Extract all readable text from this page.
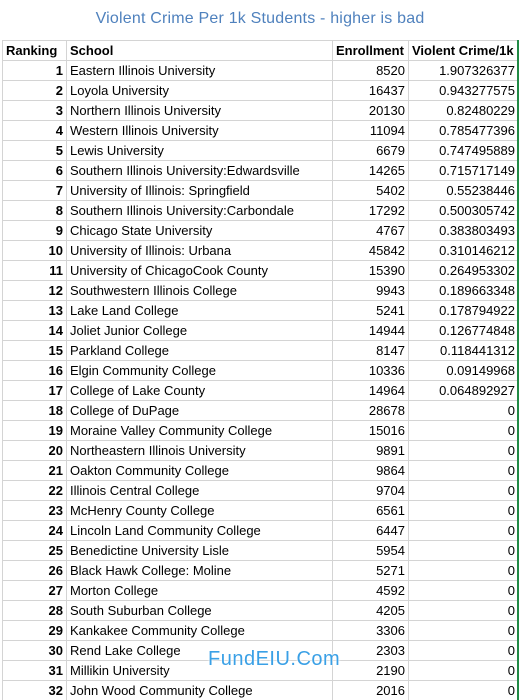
Violent Crime Per 1k Students - higher is bad
Ranking	School	Enrollment	Violent Crime/1k
1	Eastern Illinois University	8520	1.907326377
2	Loyola University	16437	0.943277575
3	Northern Illinois University	20130	0.82480229
4	Western Illinois University	11094	0.785477396
5	Lewis University	6679	0.747495889
6	Southern Illinois University:Edwardsville	14265	0.715717149
7	University of Illinois: Springfield	5402	0.55238446
8	Southern Illinois University:Carbondale	17292	0.500305742
9	Chicago State University	4767	0.383803493
10	University of Illinois: Urbana	45842	0.310146212
11	University of ChicagoCook County	15390	0.264953302
12	Southwestern Illinois College	9943	0.189663348
13	Lake Land College	5241	0.178794922
14	Joliet Junior College	14944	0.126774848
15	Parkland College	8147	0.118441312
16	Elgin Community College	10336	0.09149968
17	College of Lake County	14964	0.064892927
18	College of DuPage	28678	0
19	Moraine Valley Community College	15016	0
20	Northeastern Illinois University	9891	0
21	Oakton Community College	9864	0
22	Illinois Central College	9704	0
23	McHenry County College	6561	0
24	Lincoln Land Community College	6447	0
25	Benedictine University Lisle	5954	0
26	Black Hawk College: Moline	5271	0
27	Morton College	4592	0
28	South Suburban College	4205	0
29	Kankakee Community College	3306	0
30	Rend Lake College	2303	0
31	Millikin University	2190	0
32	John Wood Community College	2016	0
FundEIU.Com
